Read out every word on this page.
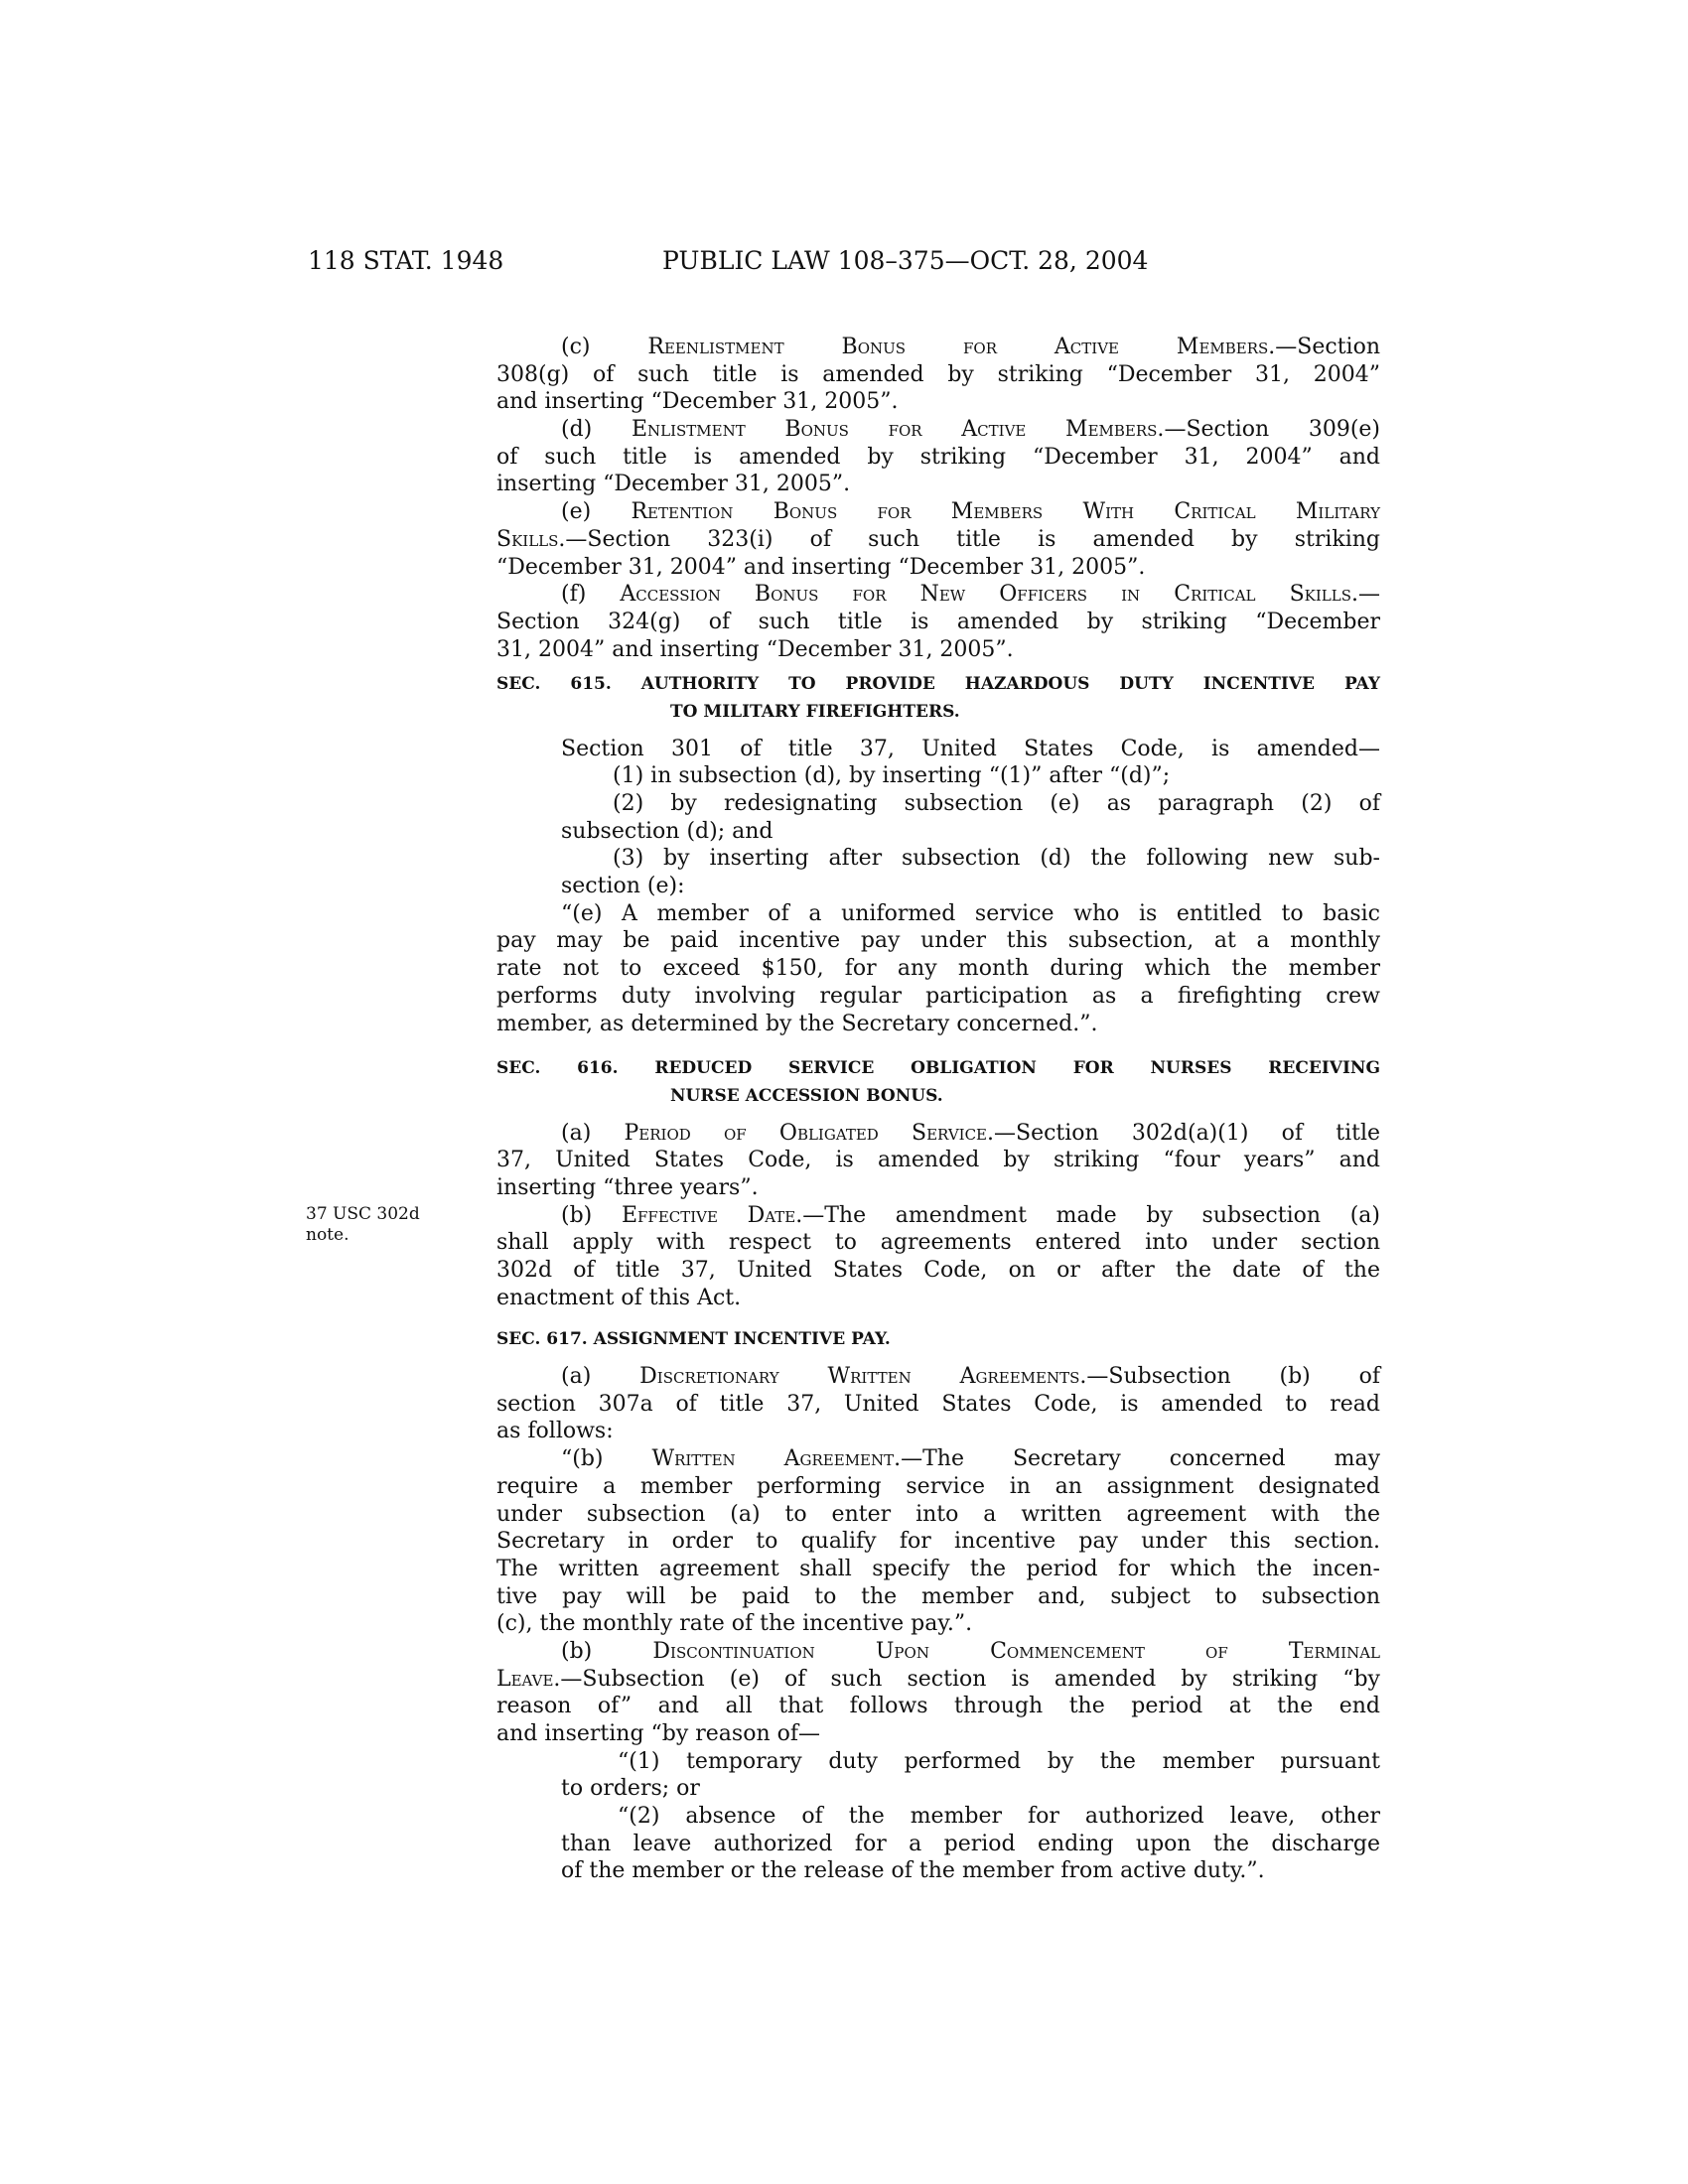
118 STAT. 1948	PUBLIC LAW 108–375—OCT. 28, 2004
(c) Reenlistment Bonus for Active Members.—Section
308(g) of such title is amended by striking “December 31, 2004”
and inserting “December 31, 2005”.
(d) Enlistment Bonus for Active Members.—Section 309(e)
of such title is amended by striking “December 31, 2004” and
inserting “December 31, 2005”.
(e) Retention Bonus for Members With Critical Military
Skills.—Section 323(i) of such title is amended by striking
“December 31, 2004” and inserting “December 31, 2005”.
(f) Accession Bonus for New Officers in Critical Skills.—
Section 324(g) of such title is amended by striking “December
31, 2004” and inserting “December 31, 2005”.
SEC. 615. AUTHORITY TO PROVIDE HAZARDOUS DUTY INCENTIVE PAY
TO MILITARY FIREFIGHTERS.
Section 301 of title 37, United States Code, is amended—
(1) in subsection (d), by inserting “(1)” after “(d)”;
(2) by redesignating subsection (e) as paragraph (2) of
subsection (d); and
(3) by inserting after subsection (d) the following new sub-
section (e):
“(e) A member of a uniformed service who is entitled to basic
pay may be paid incentive pay under this subsection, at a monthly
rate not to exceed $150, for any month during which the member
performs duty involving regular participation as a firefighting crew
member, as determined by the Secretary concerned.”.
SEC. 616. REDUCED SERVICE OBLIGATION FOR NURSES RECEIVING
NURSE ACCESSION BONUS.
(a) Period of Obligated Service.—Section 302d(a)(1) of title
37, United States Code, is amended by striking “four years” and
inserting “three years”.
37 USC 302d
note.
(b) Effective Date.—The amendment made by subsection (a)
shall apply with respect to agreements entered into under section
302d of title 37, United States Code, on or after the date of the
enactment of this Act.
SEC. 617. ASSIGNMENT INCENTIVE PAY.
(a) Discretionary Written Agreements.—Subsection (b) of
section 307a of title 37, United States Code, is amended to read
as follows:
“(b) Written Agreement.—The Secretary concerned may
require a member performing service in an assignment designated
under subsection (a) to enter into a written agreement with the
Secretary in order to qualify for incentive pay under this section.
The written agreement shall specify the period for which the incen-
tive pay will be paid to the member and, subject to subsection
(c), the monthly rate of the incentive pay.”.
(b) Discontinuation Upon Commencement of Terminal
Leave.—Subsection (e) of such section is amended by striking “by
reason of” and all that follows through the period at the end
and inserting “by reason of—
“(1) temporary duty performed by the member pursuant
to orders; or
“(2) absence of the member for authorized leave, other
than leave authorized for a period ending upon the discharge
of the member or the release of the member from active duty.”.
